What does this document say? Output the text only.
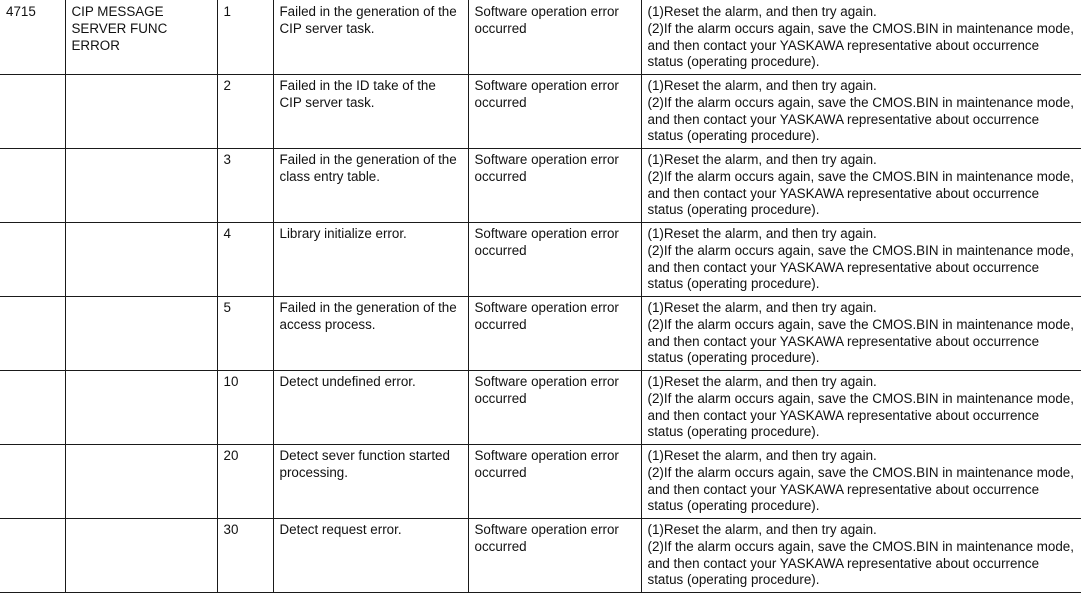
4715	CIP MESSAGE SERVER FUNC ERROR	1	Failed in the generation of the CIP server task.	Software operation error occurred	(1)Reset the alarm, and then try again.
(2)If the alarm occurs again, save the CMOS.BIN in maintenance mode, and then contact your YASKAWA representative about occurrence status (operating procedure).

		2	Failed in the ID take of the CIP server task.	Software operation error occurred	(1)Reset the alarm, and then try again.
(2)If the alarm occurs again, save the CMOS.BIN in maintenance mode, and then contact your YASKAWA representative about occurrence status (operating procedure).

		3	Failed in the generation of the class entry table.	Software operation error occurred	(1)Reset the alarm, and then try again.
(2)If the alarm occurs again, save the CMOS.BIN in maintenance mode, and then contact your YASKAWA representative about occurrence status (operating procedure).

		4	Library initialize error.	Software operation error occurred	(1)Reset the alarm, and then try again.
(2)If the alarm occurs again, save the CMOS.BIN in maintenance mode, and then contact your YASKAWA representative about occurrence status (operating procedure).

		5	Failed in the generation of the access process.	Software operation error occurred	(1)Reset the alarm, and then try again.
(2)If the alarm occurs again, save the CMOS.BIN in maintenance mode, and then contact your YASKAWA representative about occurrence status (operating procedure).

		10	Detect undefined error.	Software operation error occurred	(1)Reset the alarm, and then try again.
(2)If the alarm occurs again, save the CMOS.BIN in maintenance mode, and then contact your YASKAWA representative about occurrence status (operating procedure).

		20	Detect sever function started processing.	Software operation error occurred	(1)Reset the alarm, and then try again.
(2)If the alarm occurs again, save the CMOS.BIN in maintenance mode, and then contact your YASKAWA representative about occurrence status (operating procedure).

		30	Detect request error.	Software operation error occurred	(1)Reset the alarm, and then try again.
(2)If the alarm occurs again, save the CMOS.BIN in maintenance mode, and then contact your YASKAWA representative about occurrence status (operating procedure).
